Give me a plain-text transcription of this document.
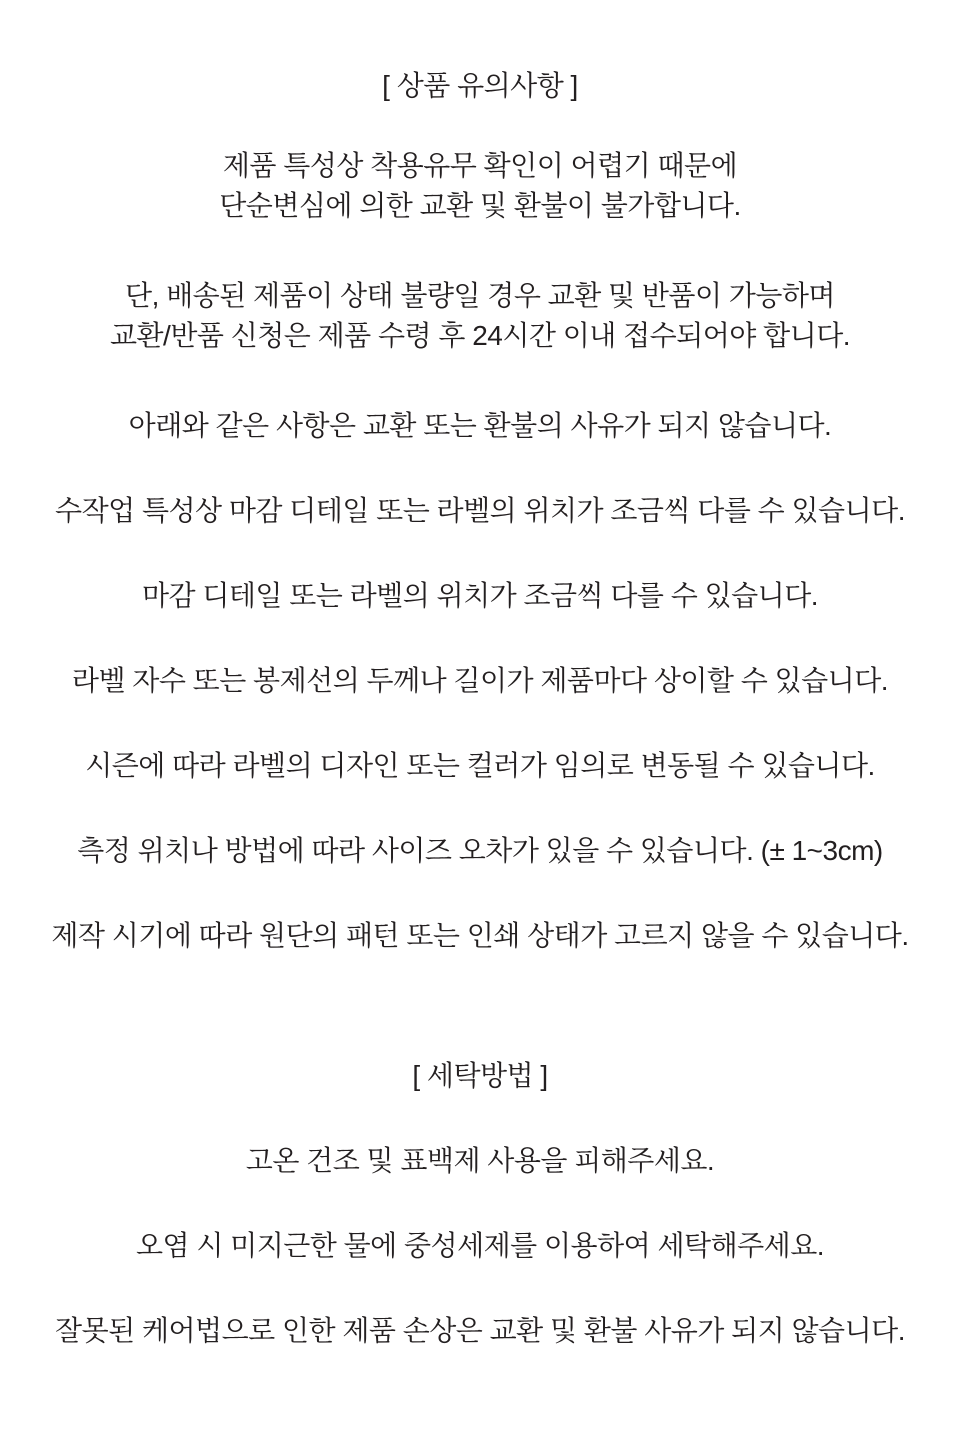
[ 상품 유의사항 ]

제품 특성상 착용유무 확인이 어렵기 때문에
단순변심에 의한 교환 및 환불이 불가합니다.

단, 배송된 제품이 상태 불량일 경우 교환 및 반품이 가능하며
교환/반품 신청은 제품 수령 후 24시간 이내 접수되어야 합니다.

아래와 같은 사항은 교환 또는 환불의 사유가 되지 않습니다.

수작업 특성상 마감 디테일 또는 라벨의 위치가 조금씩 다를 수 있습니다.

마감 디테일 또는 라벨의 위치가 조금씩 다를 수 있습니다.

라벨 자수 또는 봉제선의 두께나 길이가 제품마다 상이할 수 있습니다.

시즌에 따라 라벨의 디자인 또는 컬러가 임의로 변동될 수 있습니다.

측정 위치나 방법에 따라 사이즈 오차가 있을 수 있습니다. (± 1~3cm)

제작 시기에 따라 원단의 패턴 또는 인쇄 상태가 고르지 않을 수 있습니다.

[ 세탁방법 ]

고온 건조 및 표백제 사용을 피해주세요.

오염 시 미지근한 물에 중성세제를 이용하여 세탁해주세요.

잘못된 케어법으로 인한 제품 손상은 교환 및 환불 사유가 되지 않습니다.
